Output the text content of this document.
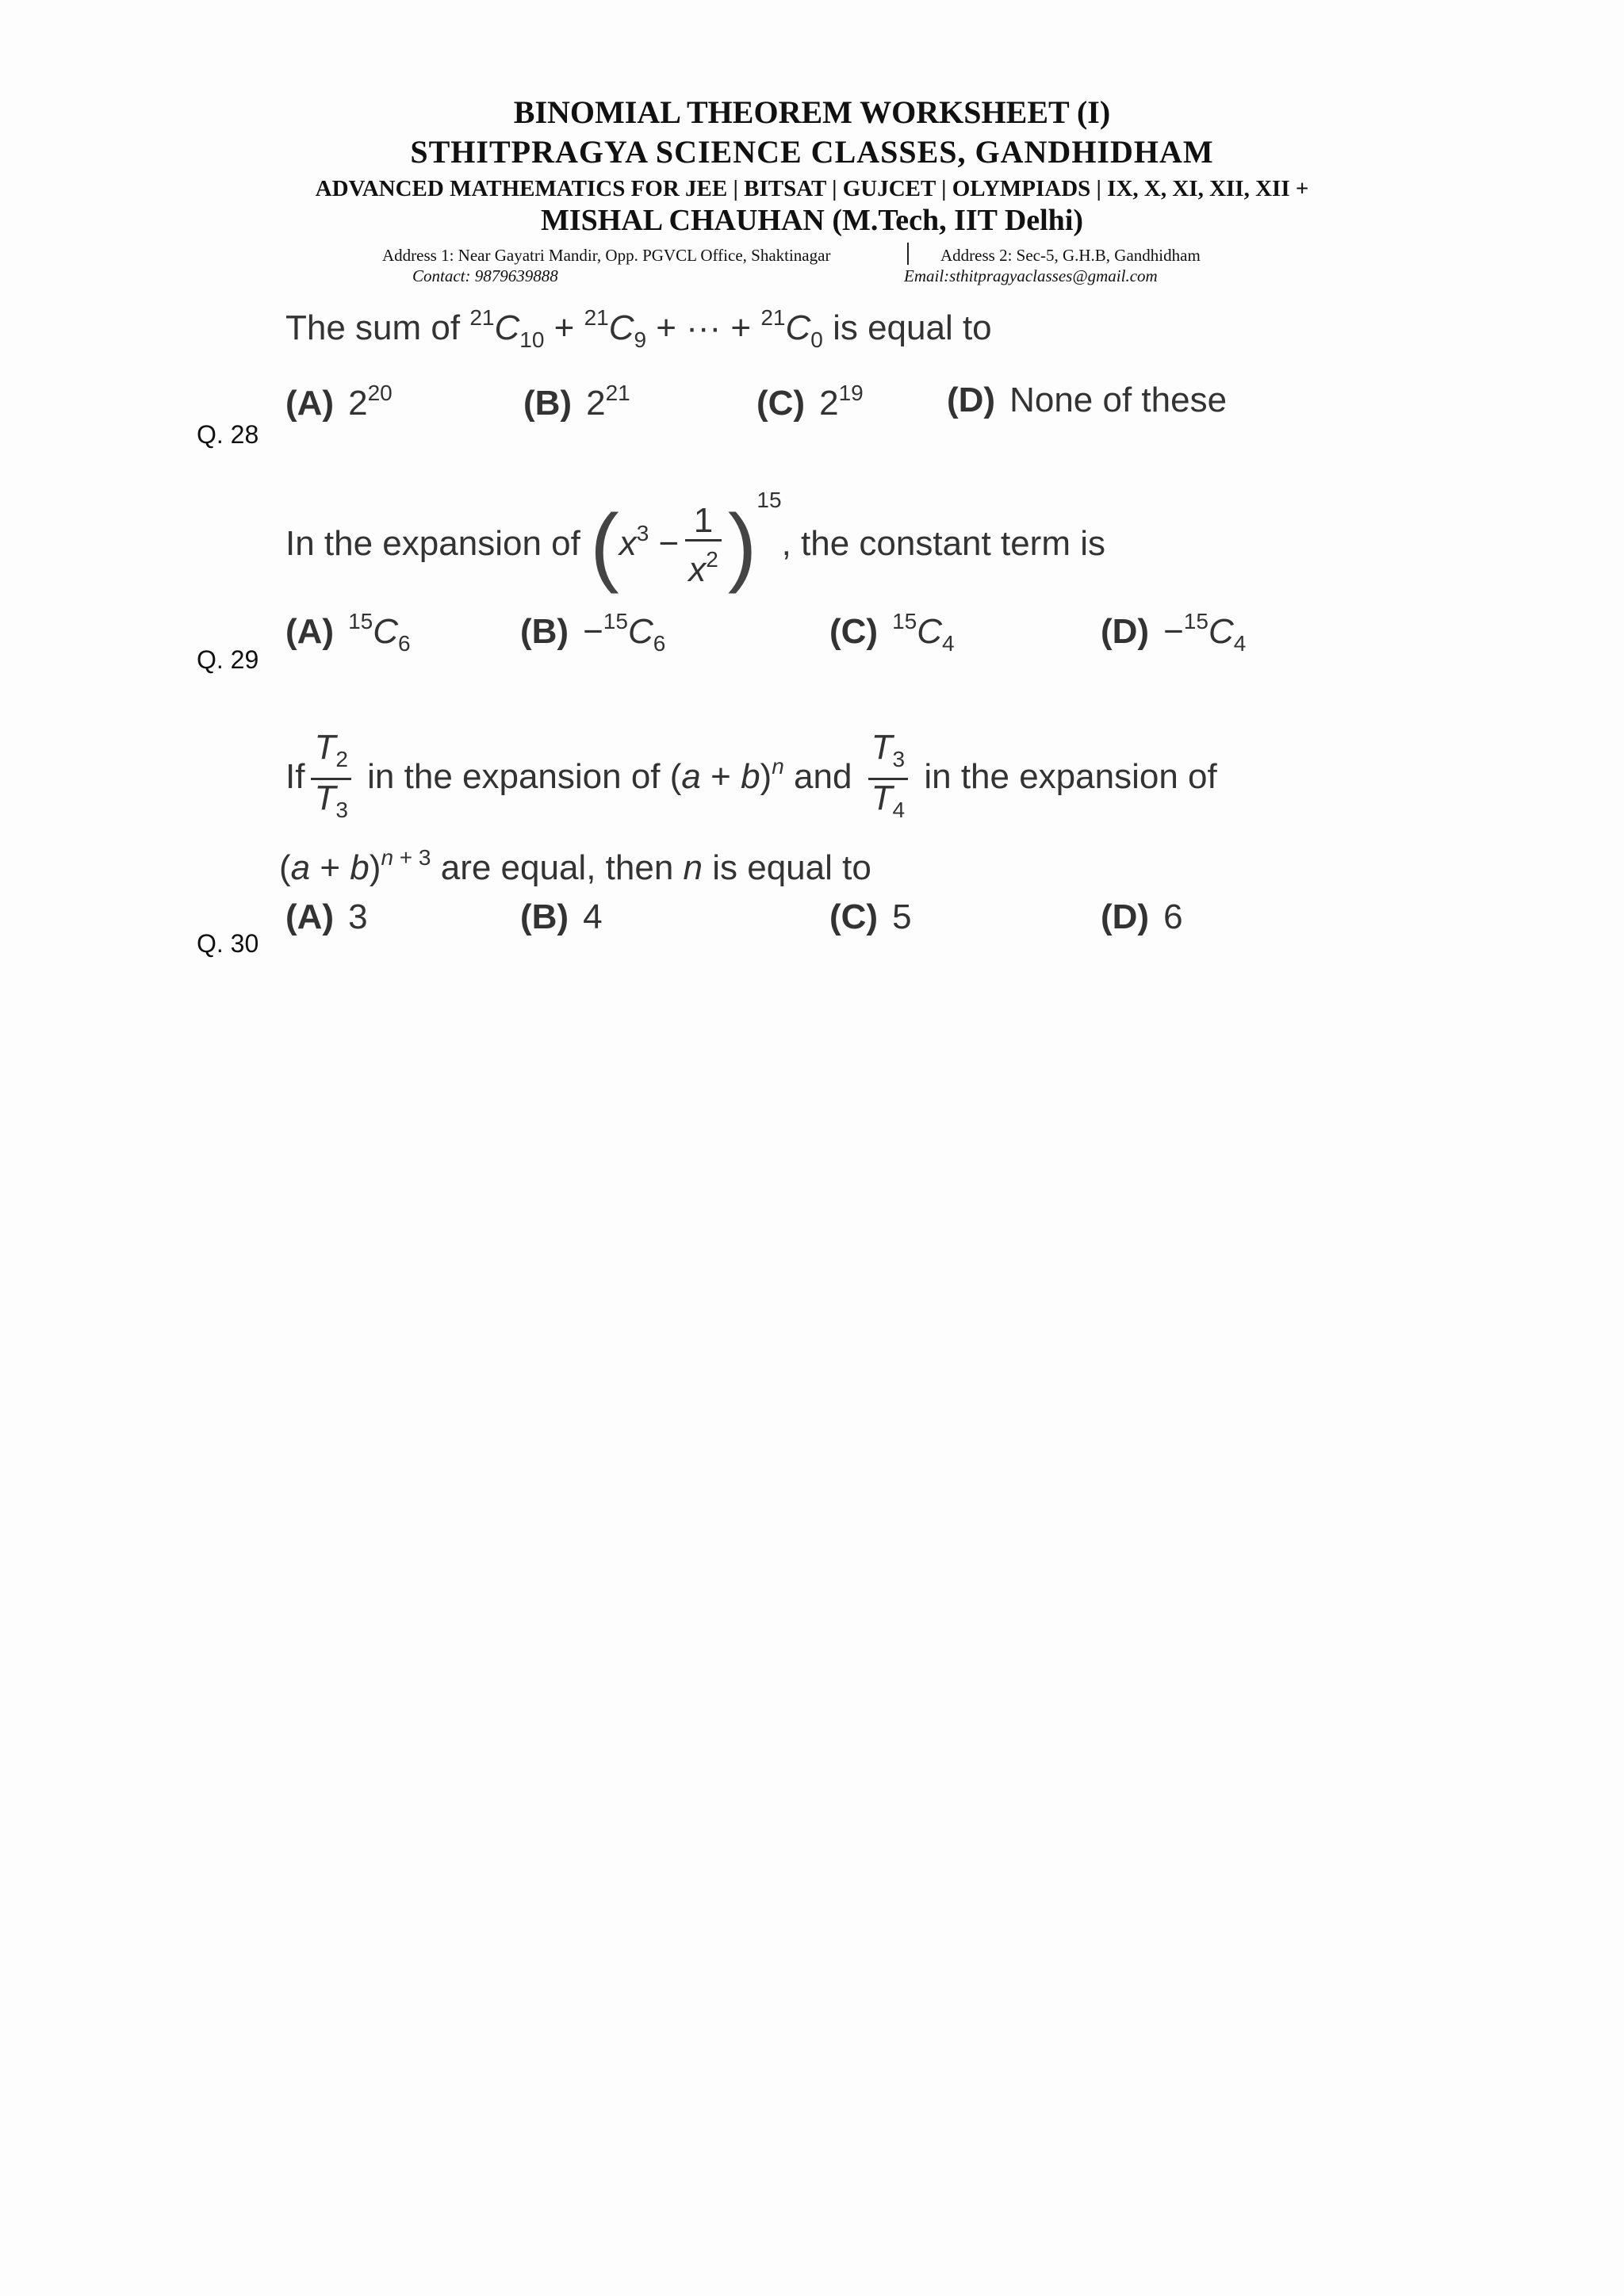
BINOMIAL THEOREM WORKSHEET (I)
STHITPRAGYA SCIENCE CLASSES, GANDHIDHAM
ADVANCED MATHEMATICS FOR JEE | BITSAT | GUJCET | OLYMPIADS | IX, X, XI, XII, XII +
MISHAL CHAUHAN (M.Tech, IIT Delhi)
Address 1: Near Gayatri Mandir, Opp. PGVCL Office, Shaktinagar	Address 2: Sec-5, G.H.B, Gandhidham
Contact: 9879639888	Email:sthitpragyaclasses@gmail.com
The sum of $^{21}C_{10} + ^{21}C_9$ + ··· + $^{21}C_0$ is equal to
(A) $2^{20}$	(B) $2^{21}$	(C) $2^{19}$ (D) None of these
Q. 28
In the expansion of $(x^3 - \frac{1}{x^2} )^{15}$, the constant term is
(A) $^{15}C_6$	$(B) -^{15}C_6$	(C) $^{15}C_4$	$(D) -^{15}C_4$
Q. 29
If $\frac{T_2}{T_3}$ in the expansion of $(a + b)^n$ and $\frac{T_3}{T_4}$ in the expansion of
$(a + b)^{n + 3}$ are equal, then n is equal to
(A) 3	(B) 4	(C) 5	(D) 6
Q. 30
